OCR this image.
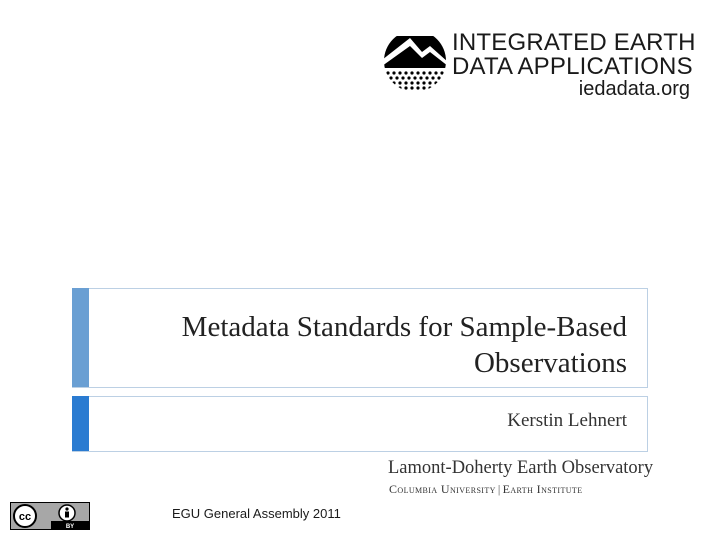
INTEGRATED EARTH
DATA APPLICATIONS
iedadata.org
Metadata Standards for Sample-Based Observations
Kerstin Lehnert
Lamont-Doherty Earth Observatory
Columbia University | Earth Institute
cc
BY
EGU General Assembly 2011
